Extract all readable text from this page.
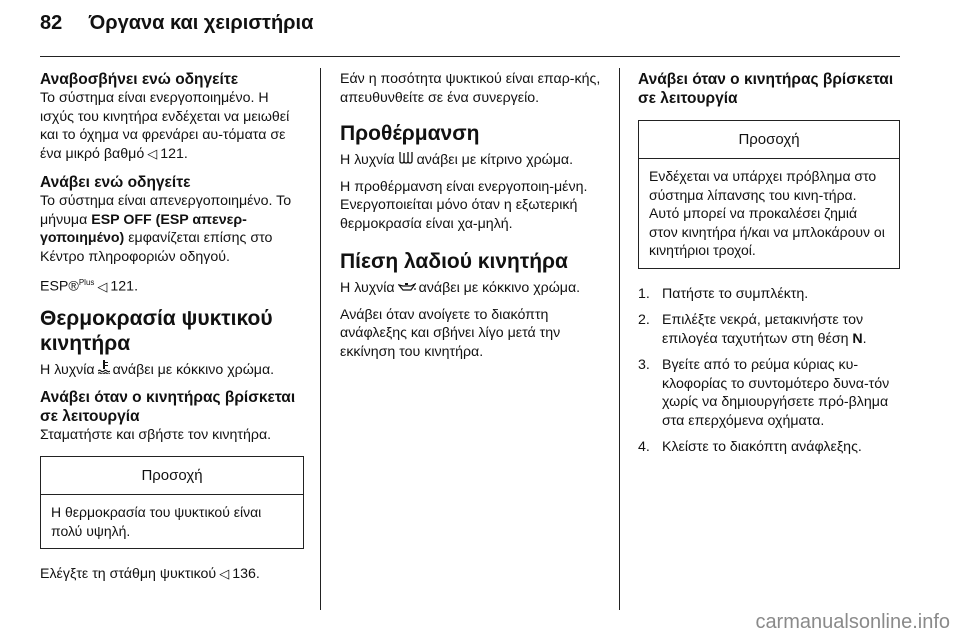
82 Όργανα και χειριστήρια
Αναβοσβήνει ενώ οδηγείτε

Το σύστημα είναι ενεργοποιημένο. Η ισχύς του κινητήρα ενδέχεται να μειωθεί και το όχημα να φρενάρει αυ-τόματα σε ένα μικρό βαθμό ◁ 121.

Ανάβει ενώ οδηγείτε

Το σύστημα είναι απενεργοποιημένο. Το μήνυμα ESP OFF (ESP απενερ-γοποιημένο) εμφανίζεται επίσης στο Κέντρο πληροφοριών οδηγού.

ESP®$^{Plus}$ ◁ 121.

Θερμοκρασία ψυκτικού κινητήρα

Η λυχνία ανάβει με κόκκινο χρώμα.

Ανάβει όταν ο κινητήρας βρίσκεται σε λειτουργία

Σταματήστε και σβήστε τον κινητήρα.

Προσοχή
Η θερμοκρασία του ψυκτικού είναι πολύ υψηλή.

Ελέγξτε τη στάθμη ψυκτικού ◁ 136.

Εάν η ποσότητα ψυκτικού είναι επαρ-κής, απευθυνθείτε σε ένα συνεργείο.

Προθέρμανση

Η λυχνία ανάβει με κίτρινο χρώμα.

Η προθέρμανση είναι ενεργοποιη-μένη. Ενεργοποιείται μόνο όταν η εξωτερική θερμοκρασία είναι χα-μηλή.

Πίεση λαδιού κινητήρα

Η λυχνία ανάβει με κόκκινο χρώμα.

Ανάβει όταν ανοίγετε το διακόπτη ανάφλεξης και σβήνει λίγο μετά την εκκίνηση του κινητήρα.

Ανάβει όταν ο κινητήρας βρίσκεται σε λειτουργία
Προσοχή
Ενδέχεται να υπάρχει πρόβλημα στο σύστημα λίπανσης του κινη-τήρα. Αυτό μπορεί να προκαλέσει ζημιά στον κινητήρα ή/και να μπλοκάρουν οι κινητήριοι τροχοί.
1. Πατήστε το συμπλέκτη.
2. Επιλέξτε νεκρά, μετακινήστε τον επιλογέα ταχυτήτων στη θέση N.
3. Βγείτε από το ρεύμα κύριας κυ-κλοφορίας το συντομότερο δυνα-τόν χωρίς να δημιουργήσετε πρό-βλημα στα επερχόμενα οχήματα.
4. Κλείστε το διακόπτη ανάφλεξης.
carmanualsonline.info
